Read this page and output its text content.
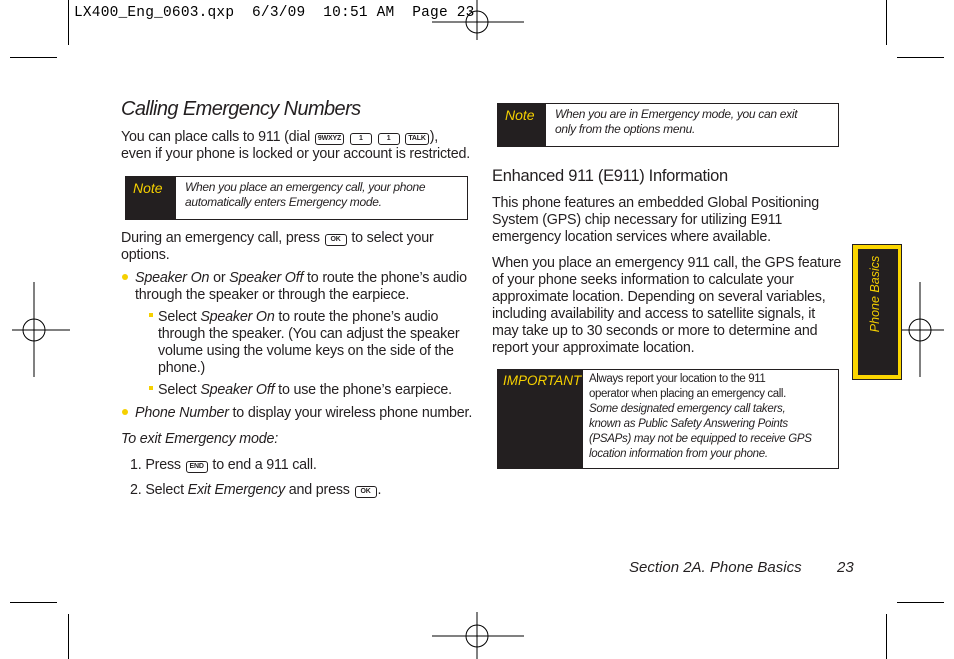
LX400_Eng_0603.qxp  6/3/09  10:51 AM  Page 23
Calling Emergency Numbers
You can place calls to 911 (dial 9WXYZ	1	1	TALK ),
even if your phone is locked or your account is restricted.
Note	When you place an emergency call, your phone
automatically enters Emergency mode.
During an emergency call, press OK to select your
options.
Speaker On or Speaker Off to route the phone’s audio
through the speaker or through the earpiece.
Select Speaker On to route the phone’s audio
through the speaker. (You can adjust the speaker
volume using the volume keys on the side of the
phone.)
Select Speaker Off to use the phone’s earpiece.
Phone Number to display your wireless phone number.
To exit Emergency mode:
1. Press END to end a 911 call.
2. Select Exit Emergency and press OK .
Note	When you are in Emergency mode, you can exit
only from the options menu.
Enhanced 911 (E911) Information
This phone features an embedded Global Positioning
System (GPS) chip necessary for utilizing E911
emergency location services where available.
When you place an emergency 911 call, the GPS feature
of your phone seeks information to calculate your
approximate location. Depending on several variables,
including availability and access to satellite signals, it
may take up to 30 seconds or more to determine and
report your approximate location.
IMPORTANT Always report your location to the 911
operator when placing an emergency call.
Some designated emergency call takers,
known as Public Safety Answering Points
(PSAPs) may not be equipped to receive GPS
location information from your phone.
Phone Basics
Section 2A. Phone Basics 23
